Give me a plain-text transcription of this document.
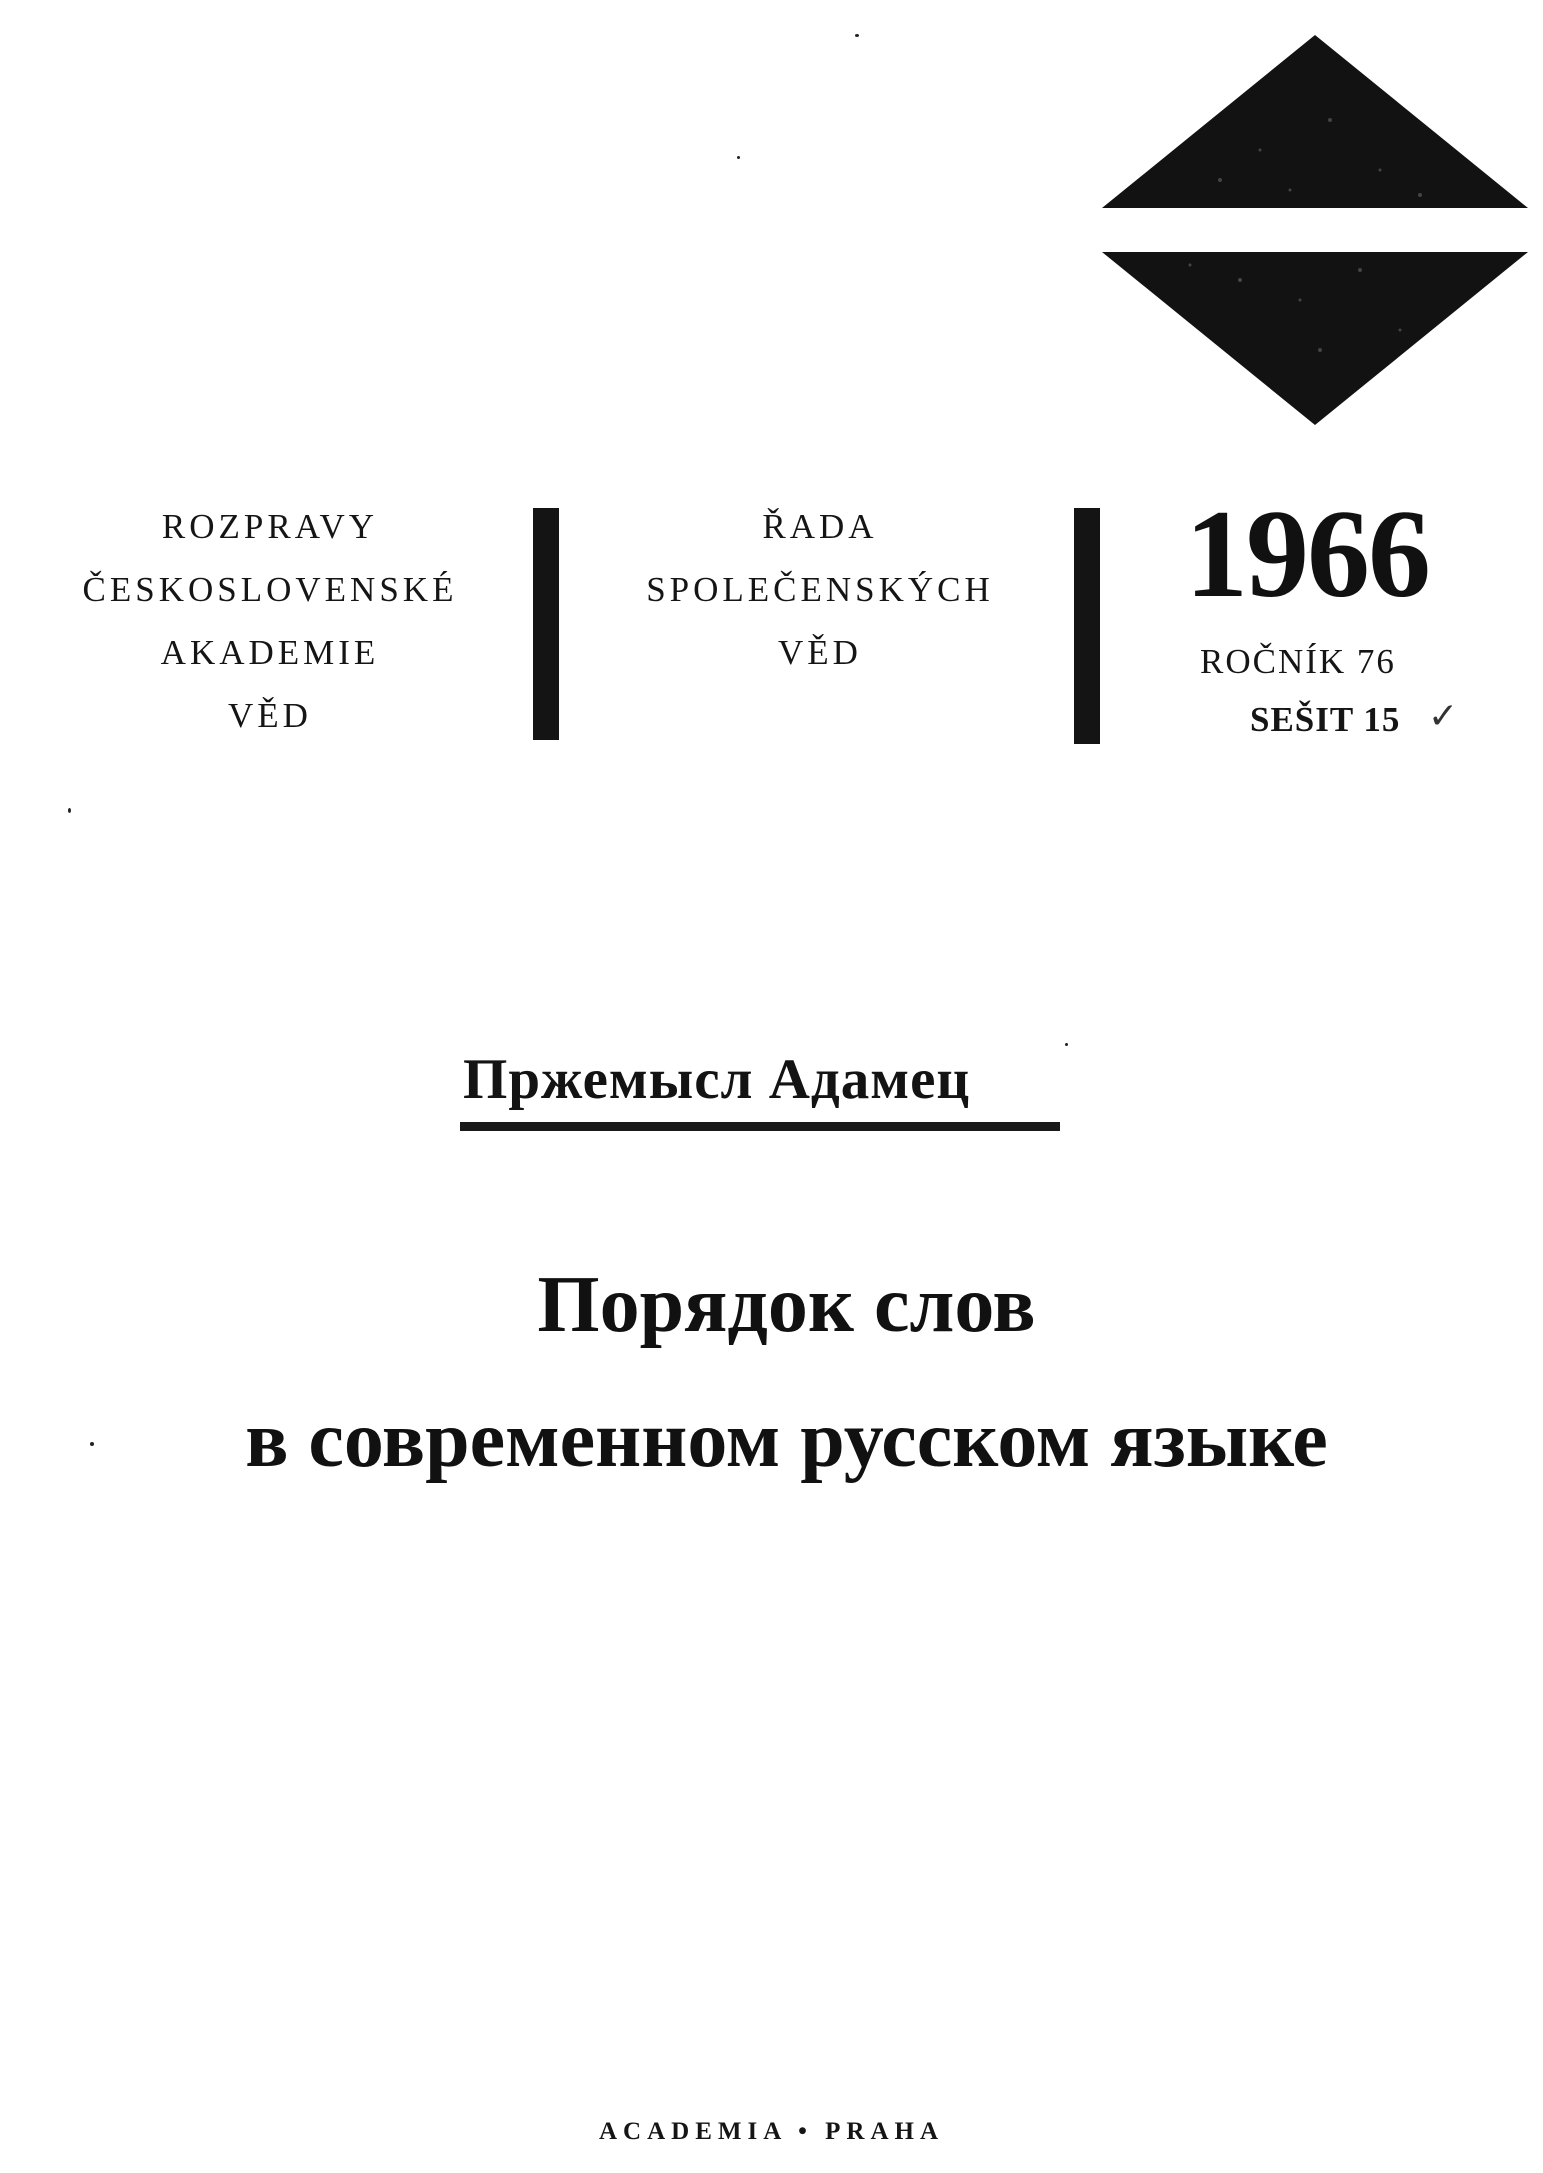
ROZPRAVY
ČESKOSLOVENSKÉ
AKADEMIE
VĚD
ŘADA
SPOLEČENSKÝCH
VĚD
1966
ROČNÍK 76
SEŠIT 15 ✓
Пржемысл Адамец
Порядок слов
в современном русском языке
ACADEMIA • PRAHA
